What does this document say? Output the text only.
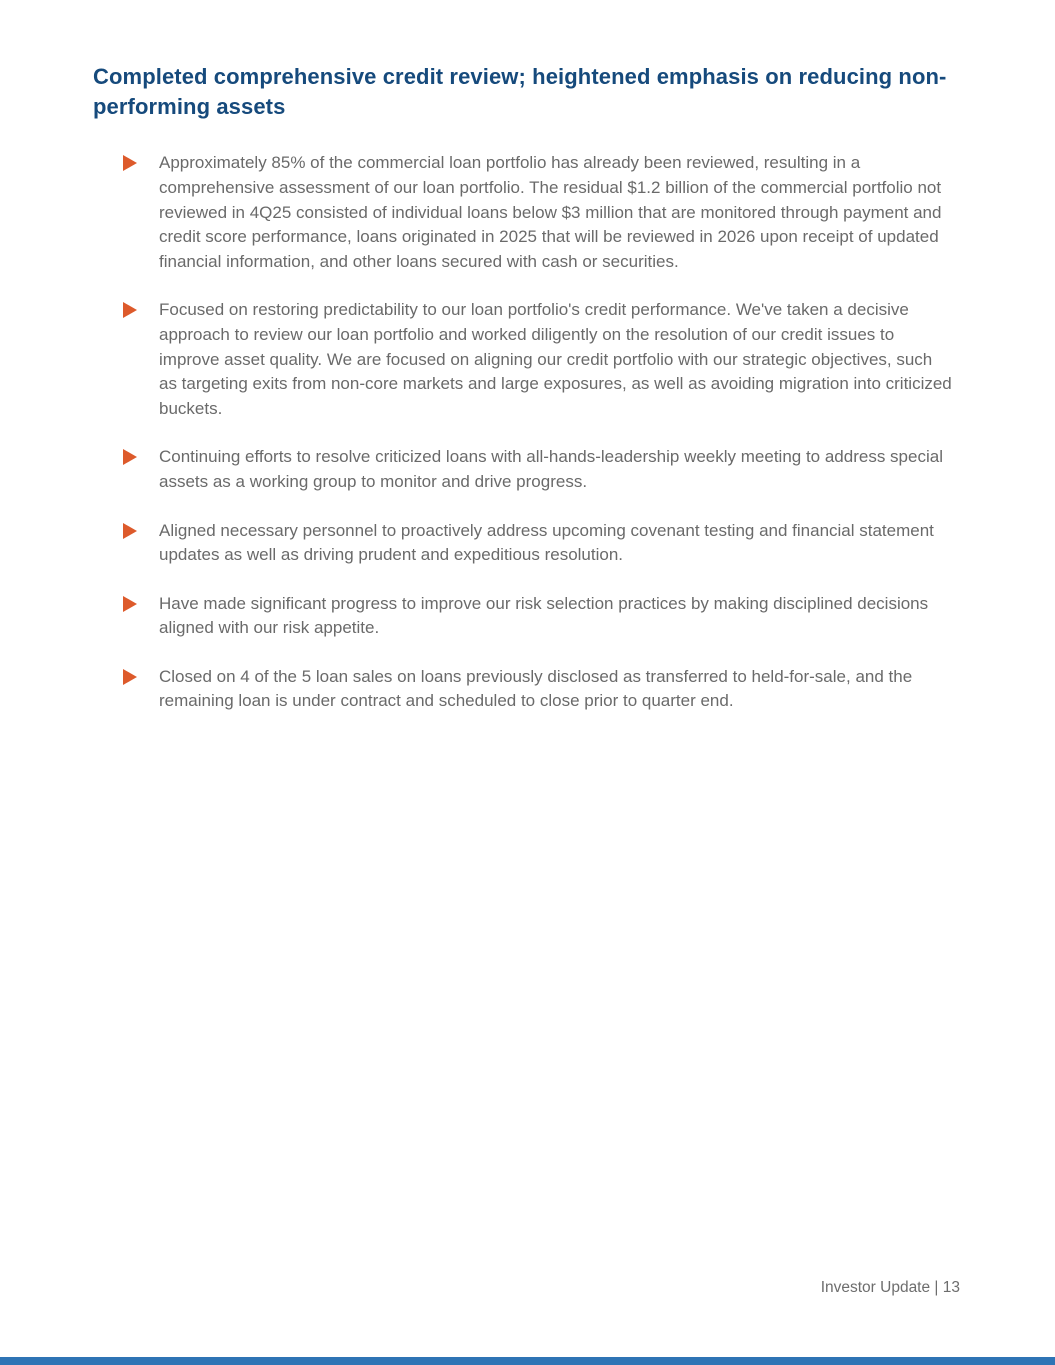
Completed comprehensive credit review; heightened emphasis on reducing non-performing assets
Approximately 85% of the commercial loan portfolio has already been reviewed, resulting in a comprehensive assessment of our loan portfolio. The residual $1.2 billion of the commercial portfolio not reviewed in 4Q25 consisted of individual loans below $3 million that are monitored through payment and credit score performance, loans originated in 2025 that will be reviewed in 2026 upon receipt of updated financial information, and other loans secured with cash or securities.
Focused on restoring predictability to our loan portfolio's credit performance. We've taken a decisive approach to review our loan portfolio and worked diligently on the resolution of our credit issues to improve asset quality. We are focused on aligning our credit portfolio with our strategic objectives, such as targeting exits from non-core markets and large exposures, as well as avoiding migration into criticized buckets.
Continuing efforts to resolve criticized loans with all-hands-leadership weekly meeting to address special assets as a working group to monitor and drive progress.
Aligned necessary personnel to proactively address upcoming covenant testing and financial statement updates as well as driving prudent and expeditious resolution.
Have made significant progress to improve our risk selection practices by making disciplined decisions aligned with our risk appetite.
Closed on 4 of the 5 loan sales on loans previously disclosed as transferred to held-for-sale, and the remaining loan is under contract and scheduled to close prior to quarter end.
Investor Update | 13
